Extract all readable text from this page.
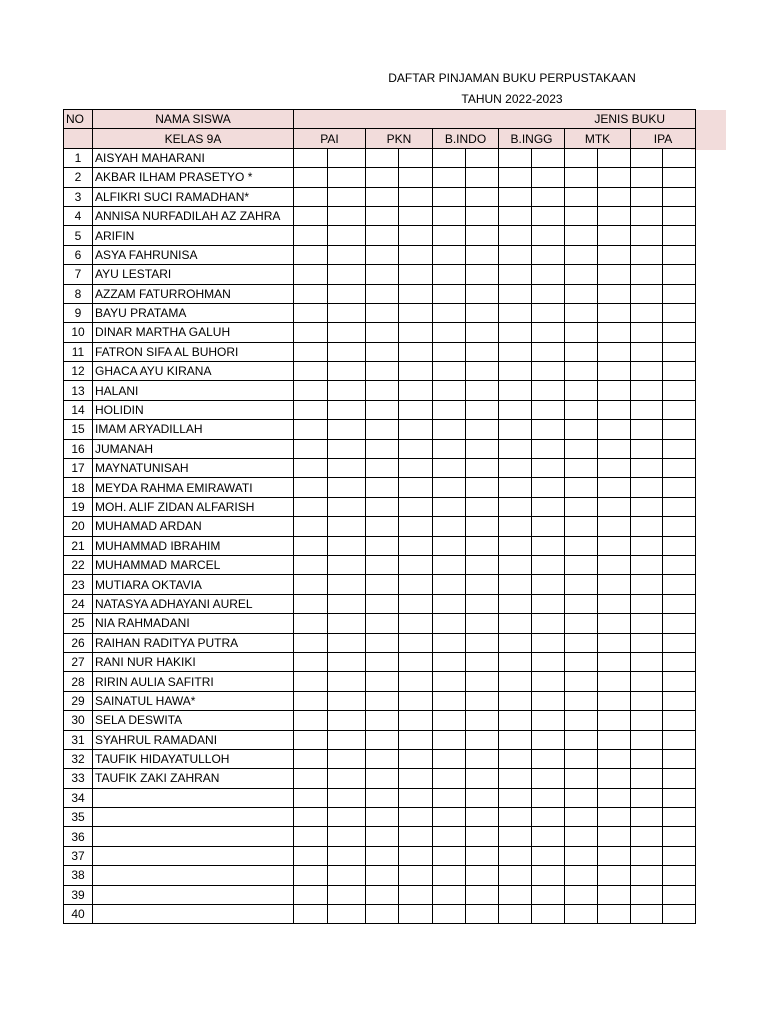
DAFTAR PINJAMAN BUKU PERPUSTAKAAN
TAHUN 2022-2023
NO	NAMA SISWA	JENIS BUKU											
	KELAS 9A	PAI		PKN		B.INDO		B.INGG		MTK		IPA	
1	AISYAH MAHARANI												
2	AKBAR ILHAM PRASETYO *												
3	ALFIKRI SUCI RAMADHAN*												
4	ANNISA NURFADILAH AZ ZAHRA												
5	ARIFIN												
6	ASYA FAHRUNISA												
7	AYU LESTARI												
8	AZZAM FATURROHMAN												
9	BAYU PRATAMA												
10	DINAR MARTHA GALUH												
11	FATRON SIFA AL BUHORI												
12	GHACA AYU KIRANA												
13	HALANI												
14	HOLIDIN												
15	IMAM ARYADILLAH												
16	JUMANAH												
17	MAYNATUNISAH												
18	MEYDA RAHMA EMIRAWATI												
19	MOH. ALIF ZIDAN ALFARISH												
20	MUHAMAD ARDAN												
21	MUHAMMAD IBRAHIM												
22	MUHAMMAD MARCEL												
23	MUTIARA OKTAVIA												
24	NATASYA ADHAYANI AUREL												
25	NIA RAHMADANI												
26	RAIHAN RADITYA PUTRA												
27	RANI NUR HAKIKI												
28	RIRIN AULIA SAFITRI												
29	SAINATUL HAWA*												
30	SELA DESWITA												
31	SYAHRUL RAMADANI												
32	TAUFIK HIDAYATULLOH												
33	TAUFIK ZAKI ZAHRAN												
34													
35													
36													
37													
38													
39													
40													
